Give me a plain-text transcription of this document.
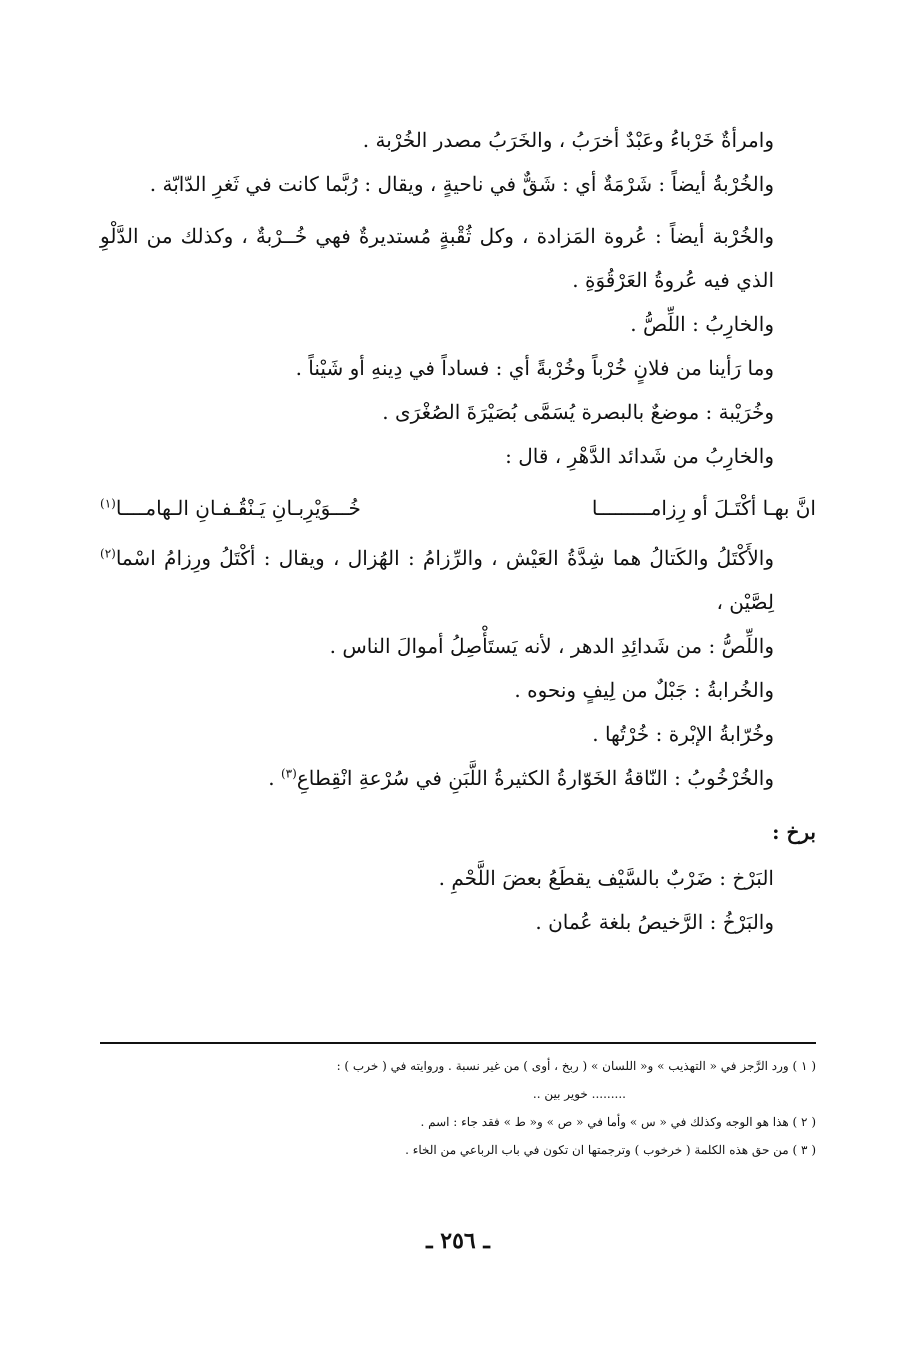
وامرأةٌ خَرْباءُ وعَبْدٌ أخرَبُ ، والخَرَبُ مصدر الخُرْبة .

والخُرْبةُ أيضاً : شَرْمَةٌ أي : شَقٌّ في ناحيةٍ ، ويقال : رُبَّما كانت في ثَغرِ الدّابّة .

والخُرْبة أيضاً : عُروة المَزادة ، وكل ثُقْبةٍ مُستديرةٌ فهي خُــرْبةٌ ، وكذلك من الدَّلْوِ الذي فيه عُروةُ العَرْقُوَةِ .

والخارِبُ : اللِّصُّ .

وما رَأينا من فلانٍ خُرْباً وخُرْبةً أي : فساداً في دِينهِ أو شَيْناً .

وخُرَيْبة : موضعٌ بالبصرة يُسَمَّى بُصَيْرَةَ الصُغْرَى .

والخارِبُ من شَدائد الدَّهْرِ ، قال :

انَّ بهـا أكْتَـلَ أو رِزامـــــــــا
خُـــوَيْرِبـانِ يَـنْقُـفـانِ الـهامــــا$^{(١)}$

والأَكْتَلُ والكَتالُ هما شِدَّةُ العَيْش ، والرِّزامُ : الهُزال ، ويقال : أكْتَلُ ورِزامُ اسْما$^{(٢)}$ لِصَّيْن ،

واللِّصُّ : من شَدائِدِ الدهر ، لأنه يَستَأْصِلُ أموالَ الناس .

والخُرابةُ : جَبْلٌ من لِيفٍ ونحوه .

وخُرّابةُ الإبْرة : خُرْتُها .

والخُرْخُوبُ : النّاقةُ الخَوّارةُ الكثيرةُ اللَّبَنِ في سُرْعةِ انْقِطاعِ$^{(٣)}$ .

برخ :

البَرْخ : ضَرْبٌ بالسَّيْف يقطَعُ بعضَ اللَّحْمِ .

والبَرْخُ : الرَّخيصُ بلغة عُمان .

( ١ ) ورد الرَّجز في « التهذيب » و« اللسان » ( ربخ ، أوى ) من غير نسبة . وروايته في ( خرب ) :

......... خوير بين ..

( ٢ ) هذا هو الوجه وكذلك في « س » وأما في « ص » و« ط » فقد جاء : اسم .

( ٣ ) من حق هذه الكلمة ( خرخوب ) وترجمتها ان تكون في باب الرباعي من الخاء .

ـ ٢٥٦ ـ
